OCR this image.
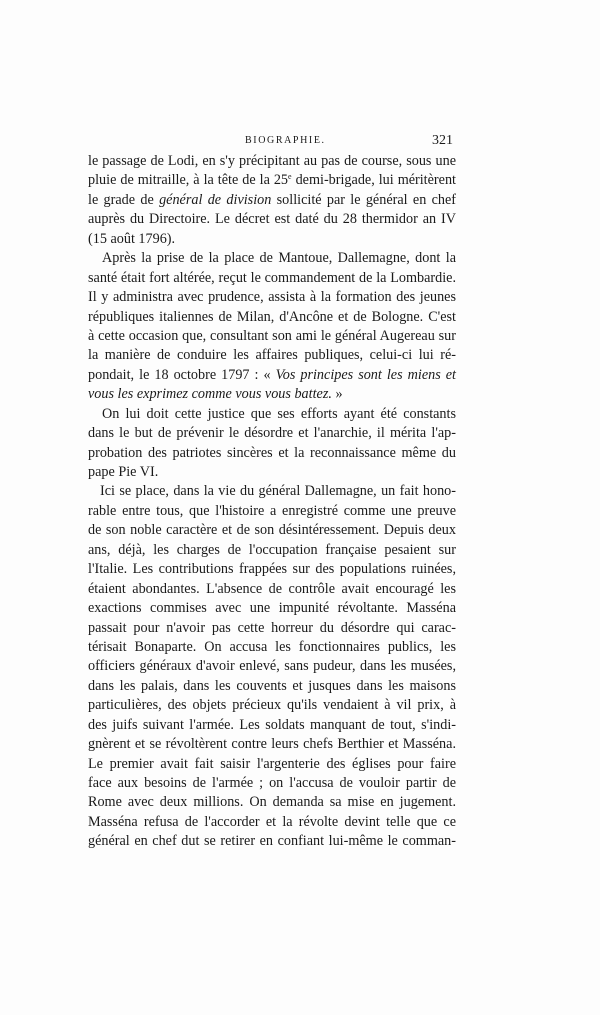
BIOGRAPHIE.	321
le passage de Lodi, en s'y précipitant au pas de course, sous une
pluie de mitraille, à la tête de la 25e demi-brigade, lui méritèrent
le grade de général de division sollicité par le général en chef
auprès du Directoire. Le décret est daté du 28 thermidor an IV
(15 août 1796).
Après la prise de la place de Mantoue, Dallemagne, dont la
santé était fort altérée, reçut le commandement de la Lombardie.
Il y administra avec prudence, assista à la formation des jeunes
républiques italiennes de Milan, d'Ancône et de Bologne. C'est
à cette occasion que, consultant son ami le général Augereau sur
la manière de conduire les affaires publiques, celui-ci lui ré-
pondait, le 18 octobre 1797 : « Vos principes sont les miens et
vous les exprimez comme vous vous battez. »
On lui doit cette justice que ses efforts ayant été constants
dans le but de prévenir le désordre et l'anarchie, il mérita l'ap-
probation des patriotes sincères et la reconnaissance même du
pape Pie VI.
Ici se place, dans la vie du général Dallemagne, un fait hono-
rable entre tous, que l'histoire a enregistré comme une preuve
de son noble caractère et de son désintéressement. Depuis deux
ans, déjà, les charges de l'occupation française pesaient sur
l'Italie. Les contributions frappées sur des populations ruinées,
étaient abondantes. L'absence de contrôle avait encouragé les
exactions commises avec une impunité révoltante. Masséna
passait pour n'avoir pas cette horreur du désordre qui carac-
térisait Bonaparte. On accusa les fonctionnaires publics, les
officiers généraux d'avoir enlevé, sans pudeur, dans les musées,
dans les palais, dans les couvents et jusques dans les maisons
particulières, des objets précieux qu'ils vendaient à vil prix, à
des juifs suivant l'armée. Les soldats manquant de tout, s'indi-
gnèrent et se révoltèrent contre leurs chefs Berthier et Masséna.
Le premier avait fait saisir l'argenterie des églises pour faire
face aux besoins de l'armée ; on l'accusa de vouloir partir de
Rome avec deux millions. On demanda sa mise en jugement.
Masséna refusa de l'accorder et la révolte devint telle que ce
général en chef dut se retirer en confiant lui-même le comman-
